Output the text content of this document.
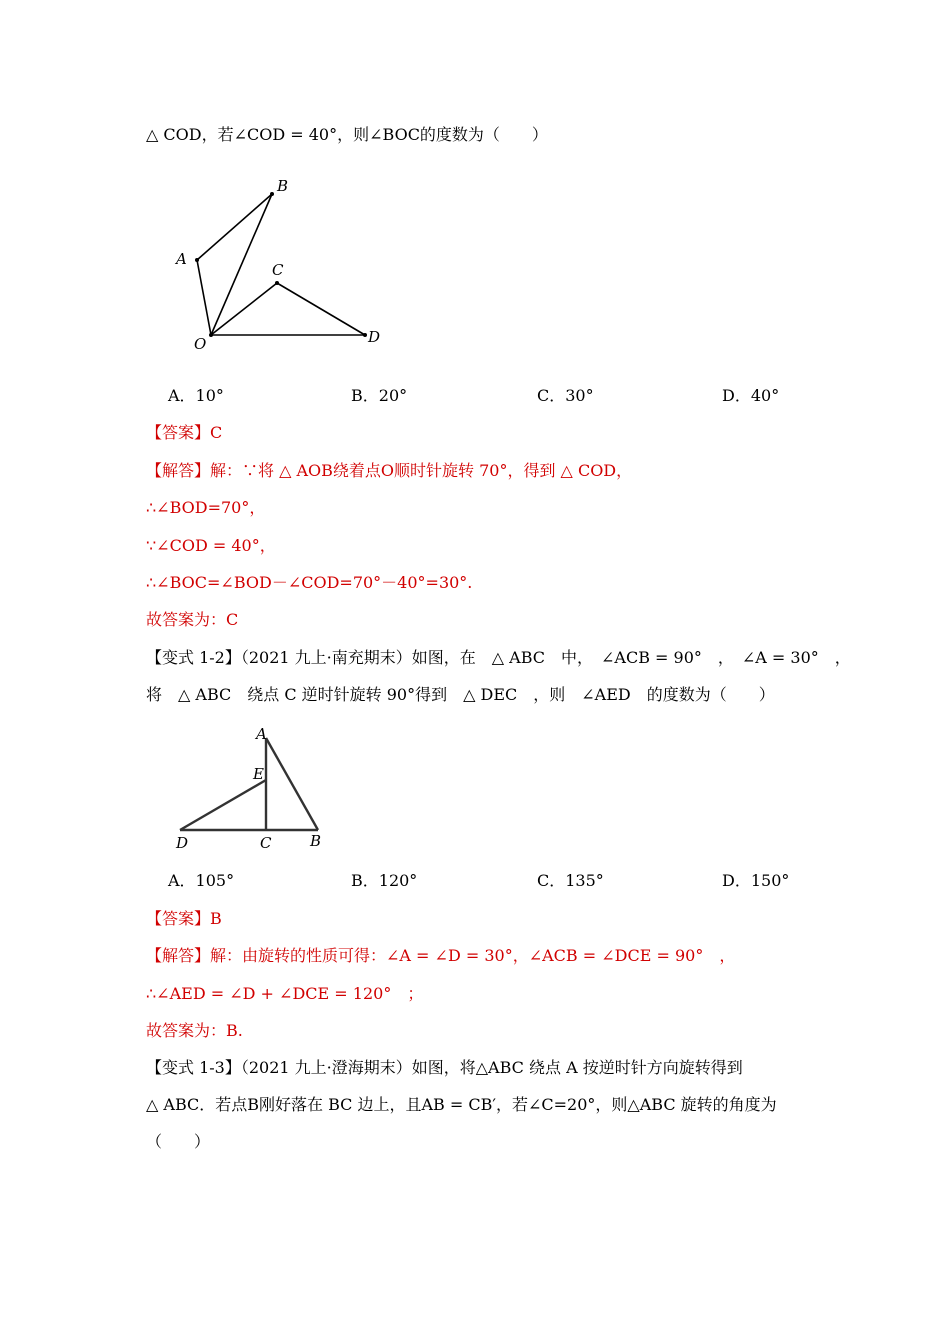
△ COD，若∠COD = 40°，则∠BOC的度数为（　　）
B
A
C
D
O
A．10°	B．20°	C．30°	D．40°
【答案】C
【解答】解：∵将 △ AOB绕着点O顺时针旋转 70°，得到 △ COD，
∴∠BOD=70°，
∵∠COD = 40°，
∴∠BOC=∠BOD－∠COD=70°－40°=30°.
故答案为：C
【变式 1-2】（2021 九上·南充期末）如图，在　△ ABC　中，　∠ACB = 90°　，　∠A = 30°　，
将　△ ABC　绕点 C 逆时针旋转 90°得到　△ DEC　，则　∠AED　的度数为（　　）
A
E
D	C	B
A．105°	B．120°	C．135°	D．150°
【答案】B
【解答】解：由旋转的性质可得：∠A = ∠D = 30°，∠ACB = ∠DCE = 90°　，
∴∠AED = ∠D + ∠DCE = 120°　；
故答案为：B.
【变式 1-3】（2021 九上·澄海期末）如图，将△ABC 绕点 A 按逆时针方向旋转得到
△ ABC．若点B刚好落在 BC 边上，且AB = CB′，若∠C=20°，则△ABC 旋转的角度为
（　　）
